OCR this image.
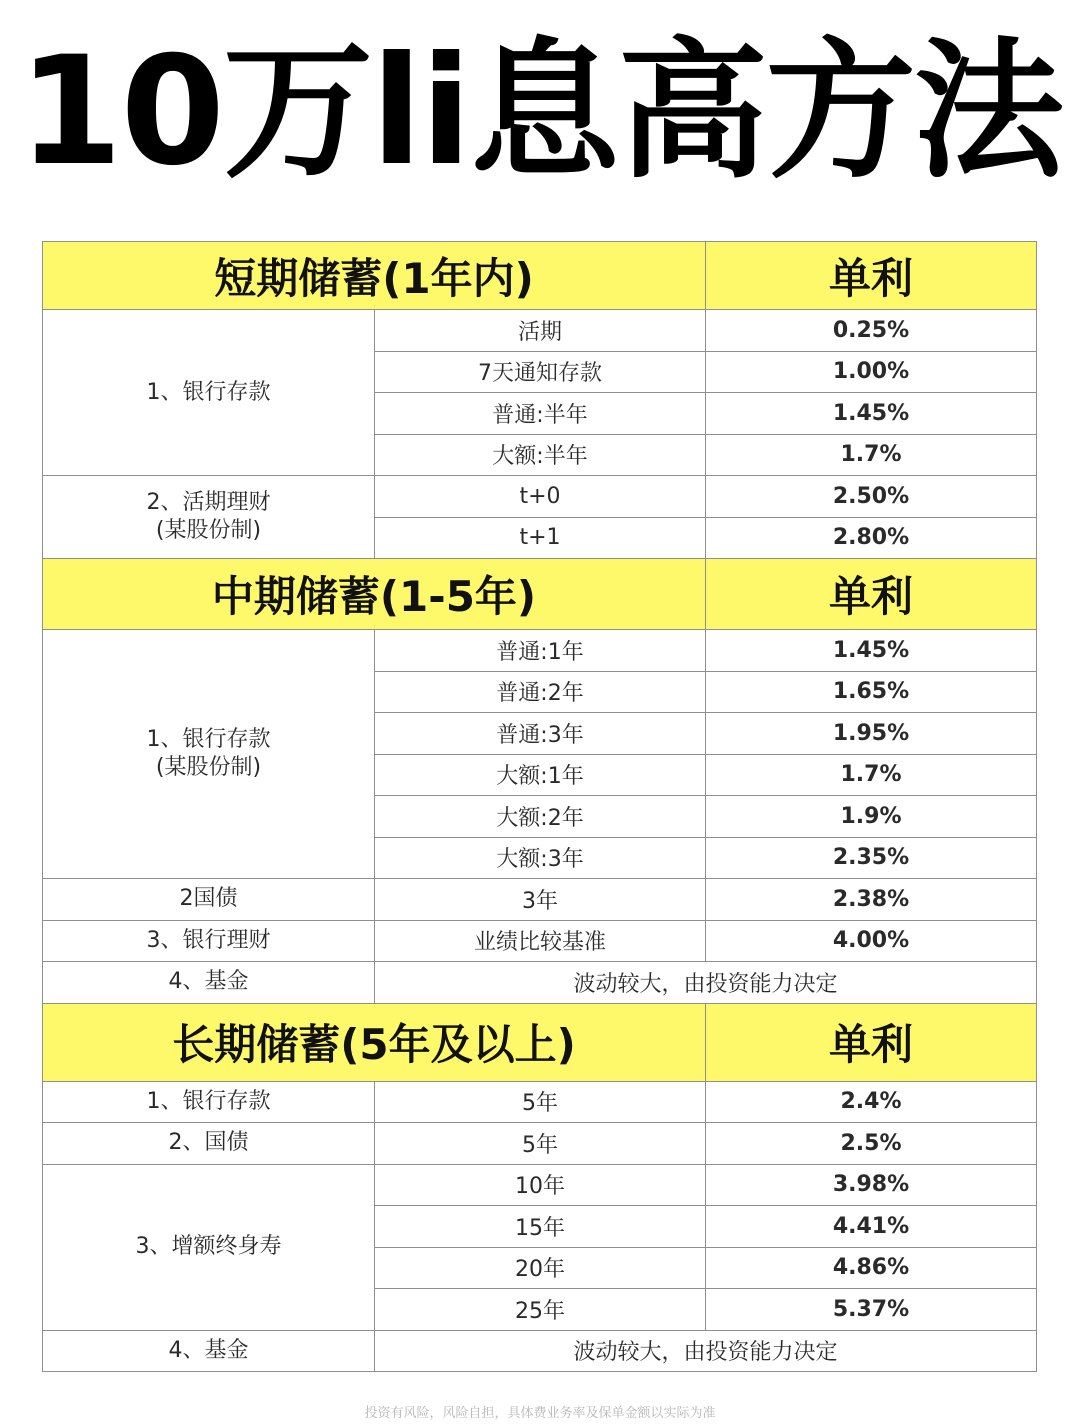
10万li息高方法
短期储蓄(1年内)		单利
1、银行存款	活期	0.25%
	7天通知存款	1.00%
	普通:半年	1.45%
	大额:半年	1.7%
2、活期理财
(某股份制)	t+0	2.50%
	t+1	2.80%
中期储蓄(1-5年)		单利
1、银行存款
(某股份制)	普通:1年	1.45%
	普通:2年	1.65%
	普通:3年	1.95%
	大额:1年	1.7%
	大额:2年	1.9%
	大额:3年	2.35%
2国债	3年	2.38%
3、银行理财	业绩比较基准	4.00%
4、基金	波动较大，由投资能力决定	
长期储蓄(5年及以上)		单利
1、银行存款	5年	2.4%
2、国债	5年	2.5%
3、增额终身寿	10年	3.98%
	15年	4.41%
	20年	4.86%
	25年	5.37%
4、基金	波动较大，由投资能力决定	
投资有风险，风险自担，具体费业务率及保单金额以实际为准
